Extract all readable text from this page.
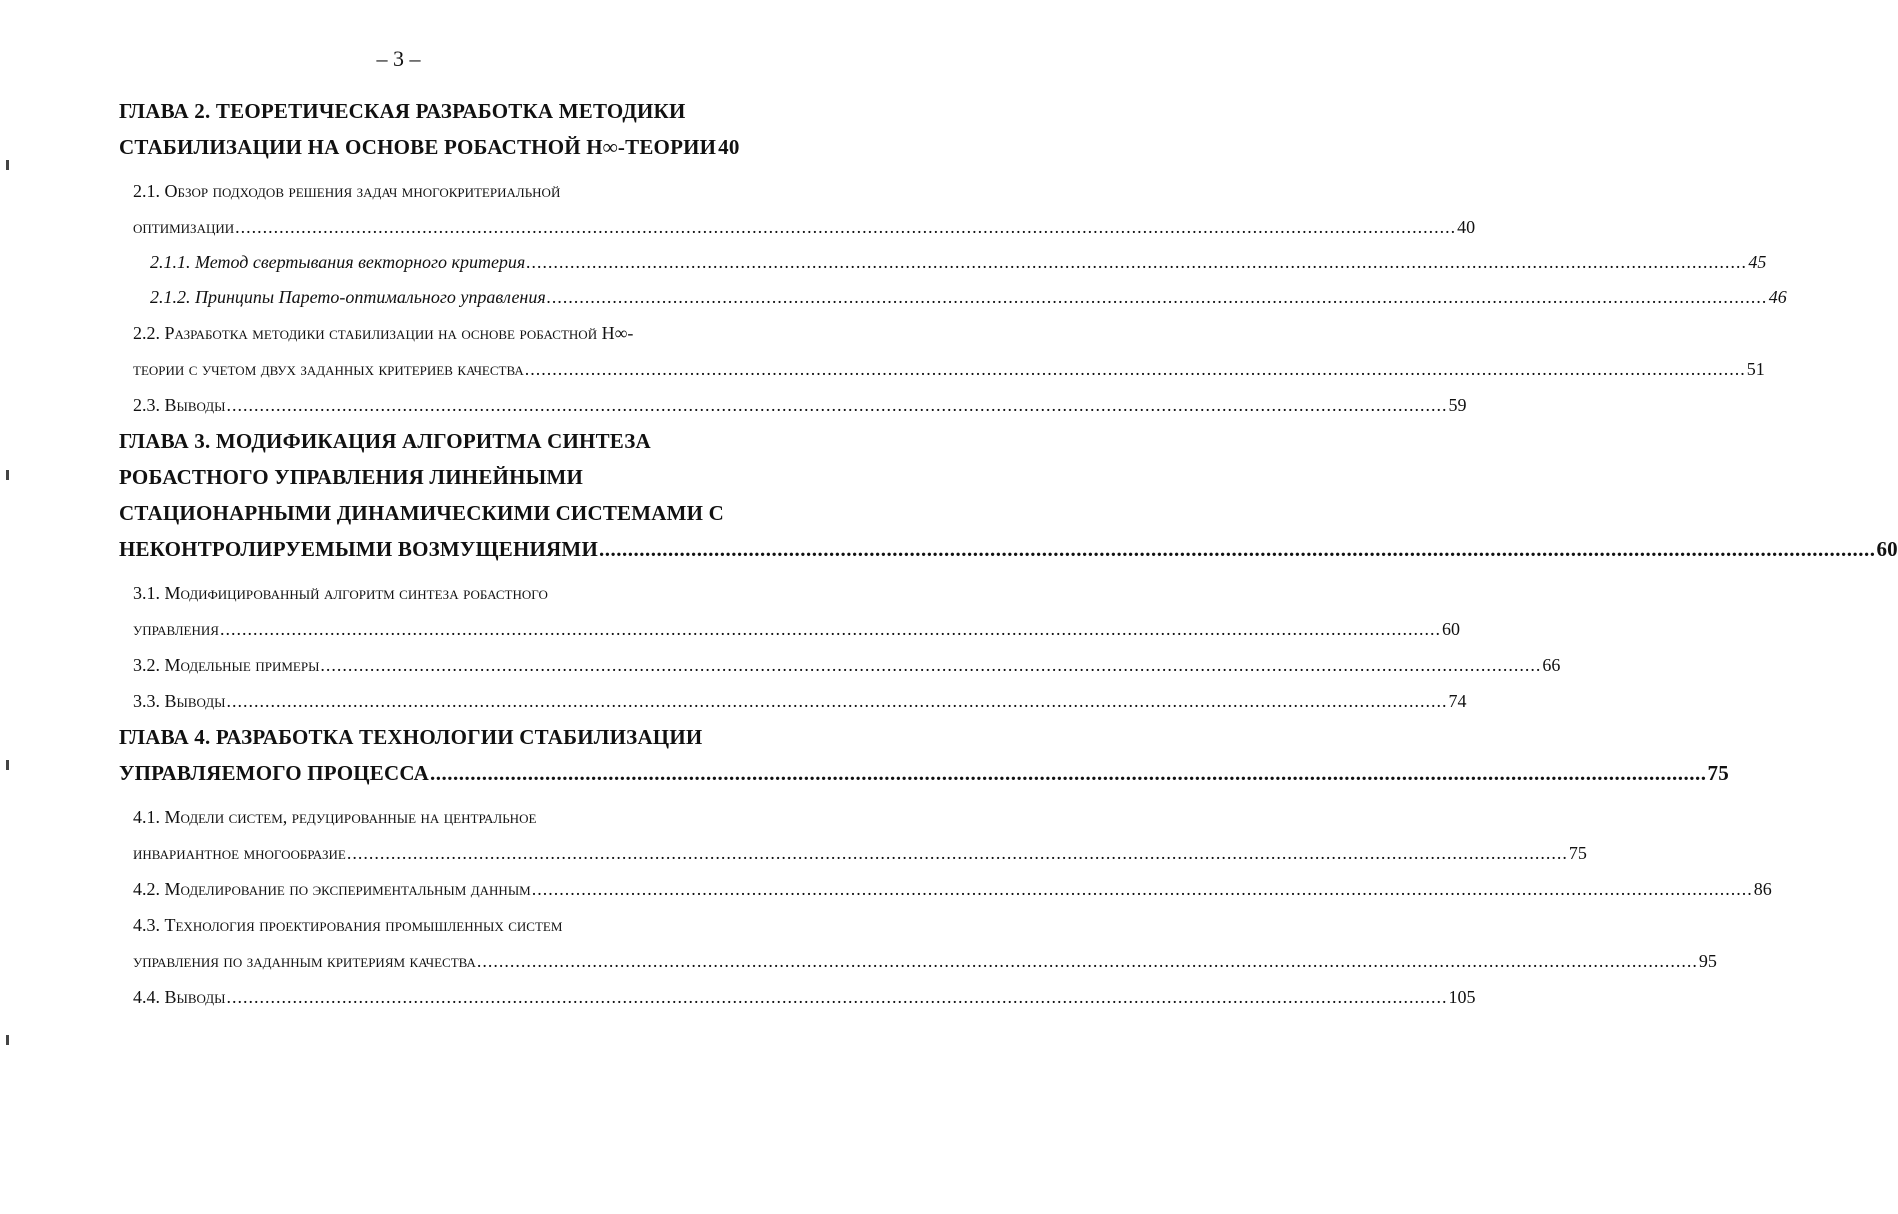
– 3 –
ГЛАВА 2. ТЕОРЕТИЧЕСКАЯ РАЗРАБОТКА МЕТОДИКИ
СТАБИЛИЗАЦИИ НА ОСНОВЕ РОБАСТНОЙ H∞-ТЕОРИИ 40
2.1. Обзор подходов решения задач многокритериальной
оптимизации .....	40
2.1.1. Метод свертывания векторного критерия .....	45
2.1.2. Принципы Парето-оптимального управления .....	46
2.2. Разработка методики стабилизации на основе робастной H∞-
теории с учетом двух заданных критериев качества .....	51
2.3. Выводы .....	59
ГЛАВА 3. МОДИФИКАЦИЯ АЛГОРИТМА СИНТЕЗА
РОБАСТНОГО УПРАВЛЕНИЯ ЛИНЕЙНЫМИ
СТАЦИОНАРНЫМИ ДИНАМИЧЕСКИМИ СИСТЕМАМИ С
НЕКОНТРОЛИРУЕМЫМИ ВОЗМУЩЕНИЯМИ .....	60
3.1. Модифицированный алгоритм синтеза робастного
управления .....	60
3.2. Модельные примеры .....	66
3.3. Выводы .....	74
ГЛАВА 4. РАЗРАБОТКА ТЕХНОЛОГИИ СТАБИЛИЗАЦИИ
УПРАВЛЯЕМОГО ПРОЦЕССА .....	75
4.1. Модели систем, редуцированные на центральное
инвариантное многообразие .....	75
4.2. Моделирование по экспериментальным данным .....	86
4.3. Технология проектирования промышленных систем
управления по заданным критериям качества .....	95
4.4. Выводы .....	105
